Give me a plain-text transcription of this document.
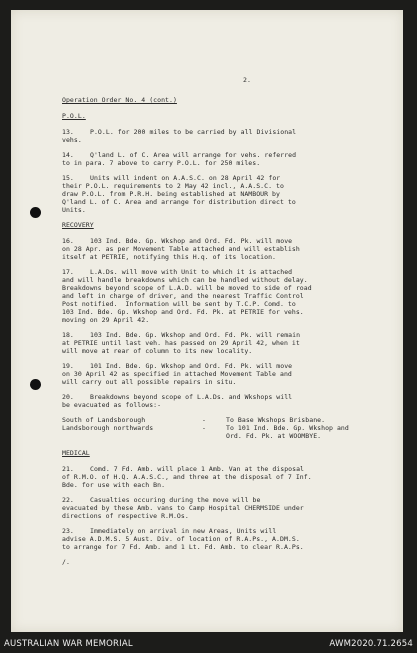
2.
Operation Order No. 4 (cont.)
P.O.L.
13. P.O.L. for 200 miles to be carried by all Divisional
vehs.
14. Q'land L. of C. Area will arrange for vehs. referred
to in para. 7 above to carry P.O.L. for 250 miles.
15. Units will indent on A.A.S.C. on 28 April 42 for
their P.O.L. requirements to 2 May 42 incl., A.A.S.C. to
draw P.O.L. from P.R.H. being established at NAMBOUR by
Q'land L. of C. Area and arrange for distribution direct to
Units.
RECOVERY
16. 103 Ind. Bde. Gp. Wkshop and Ord. Fd. Pk. will move
on 28 Apr. as per Movement Table attached and will establish
itself at PETRIE, notifying this H.q. of its location.
17. L.A.Ds. will move with Unit to which it is attached
and will handle breakdowns which can be handled without delay.
Breakdowns beyond scope of L.A.D. will be moved to side of road
and left in charge of driver, and the nearest Traffic Control
Post notified.  Information will be sent by T.C.P. Comd. to
103 Ind. Bde. Gp. Wkshop and Ord. Fd. Pk. at PETRIE for vehs.
moving on 29 April 42.
18. 103 Ind. Bde. Gp. Wkshop and Ord. Fd. Pk. will remain
at PETRIE until last veh. has passed on 29 April 42, when it
will move at rear of column to its new locality.
19. 101 Ind. Bde. Gp. Wkshop and Ord. Fd. Pk. will move
on 30 April 42 as specified in attached Movement Table and
will carry out all possible repairs in situ.
20. Breakdowns beyond scope of L.A.Ds. and Wkshops will
be evacuated as follows:-
South of Landsborough	-	To Base Wkshops Brisbane.
Landsborough northwards	-	To 101 Ind. Bde. Gp. Wkshop and
Ord. Fd. Pk. at WOOMBYE.
MEDICAL
21. Comd. 7 Fd. Amb. will place 1 Amb. Van at the disposal
of R.M.O. of H.Q. A.A.S.C., and three at the disposal of 7 Inf.
Bde. for use with each Bn.
22. Casualties occuring during the move will be
evacuated by these Amb. vans to Camp Hospital CHERMSIDE under
directions of respective R.M.Os.
23. Immediately on arrival in new Areas, Units will
advise A.D.M.S. 5 Aust. Div. of location of R.A.Ps., A.DM.S.
to arrange for 7 Fd. Amb. and 1 Lt. Fd. Amb. to clear R.A.Ps.
/.
AUSTRALIAN WAR MEMORIAL	AWM2020.71.2654
